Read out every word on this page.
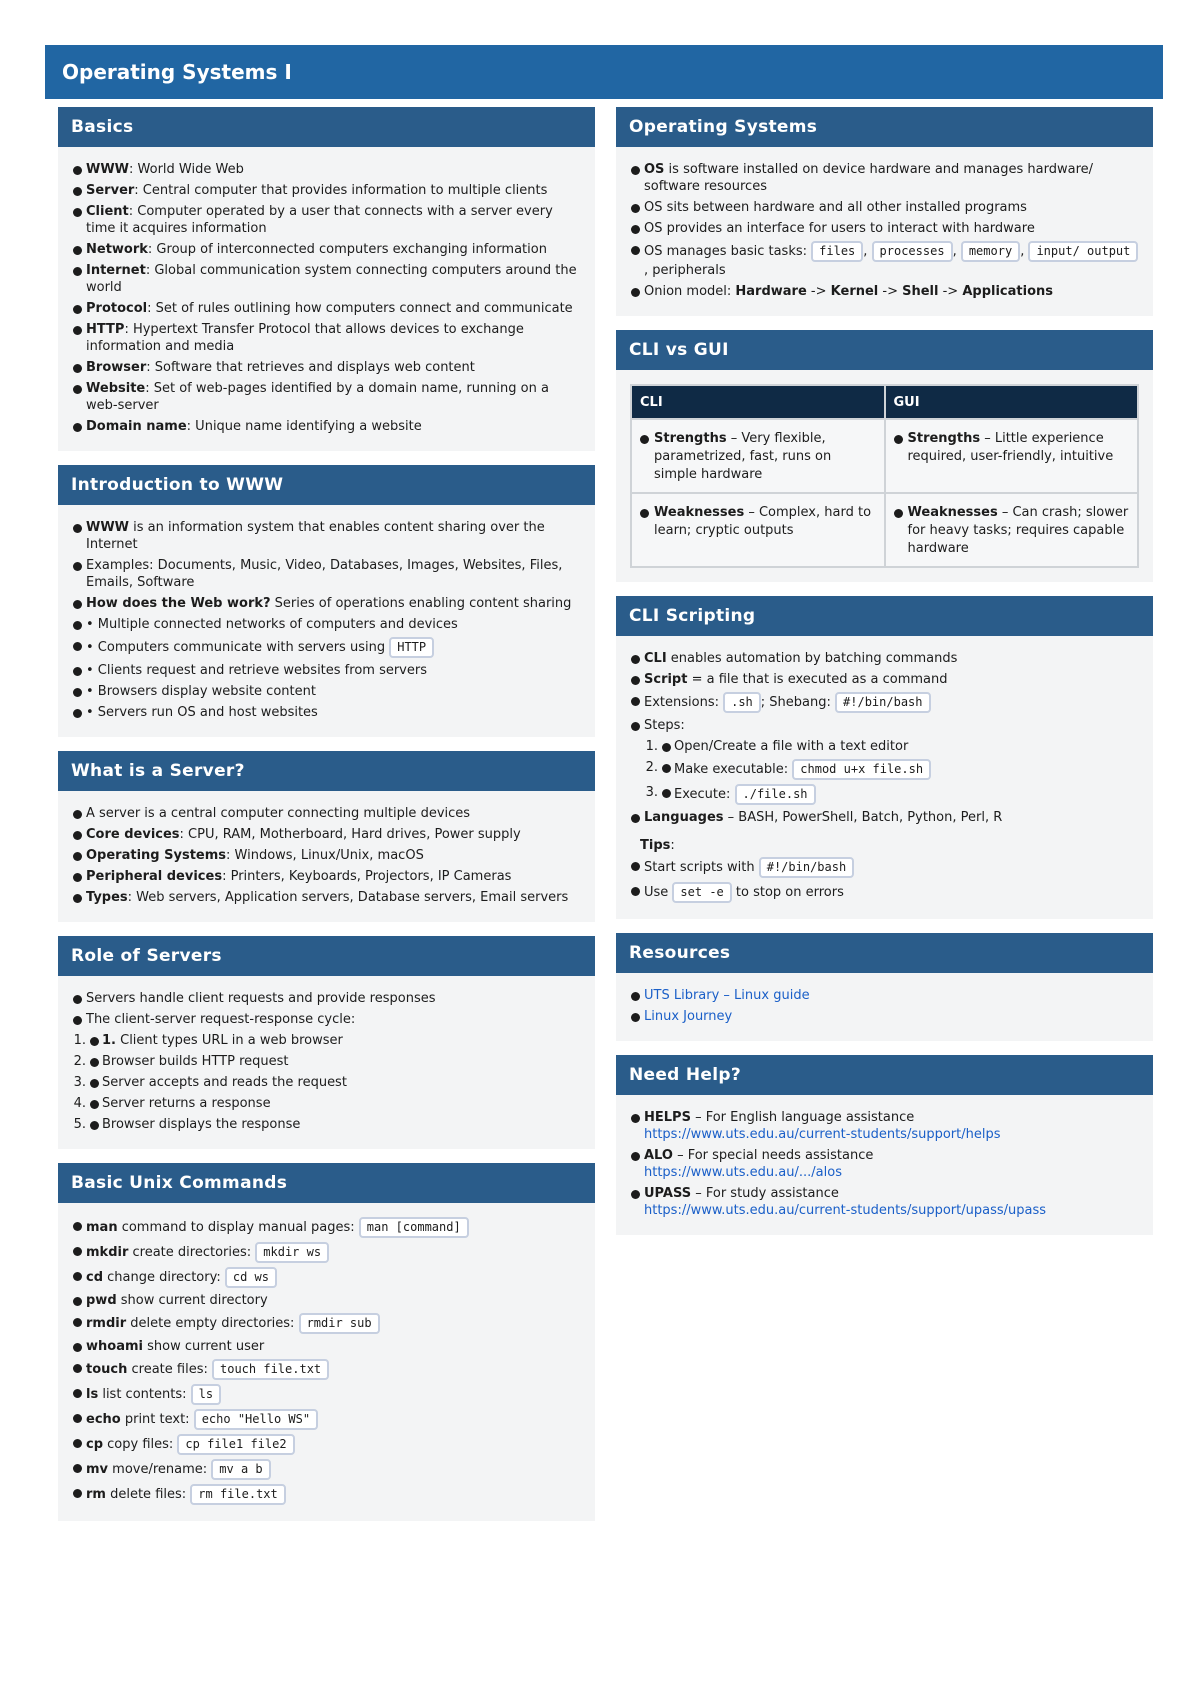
Operating Systems I
Basics
WWW: World Wide Web
Server: Central computer that provides information to multiple clients
Client: Computer operated by a user that connects with a server every time it acquires information
Network: Group of interconnected computers exchanging information
Internet: Global communication system connecting computers around the world
Protocol: Set of rules outlining how computers connect and communicate
HTTP: Hypertext Transfer Protocol that allows devices to exchange information and media
Browser: Software that retrieves and displays web content
Website: Set of web-pages identified by a domain name, running on a web-server
Domain name: Unique name identifying a website
Introduction to WWW
WWW is an information system that enables content sharing over the Internet
Examples: Documents, Music, Video, Databases, Images, Websites, Files, Emails, Software
How does the Web work? Series of operations enabling content sharing
• Multiple connected networks of computers and devices
• Computers communicate with servers using HTTP
• Clients request and retrieve websites from servers
• Browsers display website content
• Servers run OS and host websites
What is a Server?
A server is a central computer connecting multiple devices
Core devices: CPU, RAM, Motherboard, Hard drives, Power supply
Operating Systems: Windows, Linux/Unix, macOS
Peripheral devices: Printers, Keyboards, Projectors, IP Cameras
Types: Web servers, Application servers, Database servers, Email servers
Role of Servers
Servers handle client requests and provide responses
The client-server request-response cycle:
1. 1. Client types URL in a web browser
2. Browser builds HTTP request
3. Server accepts and reads the request
4. Server returns a response
5. Browser displays the response
Basic Unix Commands
man command to display manual pages: man [command]
mkdir create directories: mkdir ws
cd change directory: cd ws
pwd show current directory
rmdir delete empty directories: rmdir sub
whoami show current user
touch create files: touch file.txt
ls list contents: ls
echo print text: echo "Hello WS"
cp copy files: cp file1 file2
mv move/rename: mv a b
rm delete files: rm file.txt
Operating Systems
OS is software installed on device hardware and manages hardware/ software resources
OS sits between hardware and all other installed programs
OS provides an interface for users to interact with hardware
OS manages basic tasks: files , processes , memory , input/ output, peripherals
Onion model: Hardware -> Kernel -> Shell -> Applications
CLI vs GUI
CLI	GUI

Strengths – Very flexible, parametrized, fast, runs on simple hardware	Strengths – Little experience required, user-friendly, intuitive

Weaknesses – Complex, hard to learn; cryptic outputs	Weaknesses – Can crash; slower for heavy tasks; requires capable hardware
CLI Scripting
CLI enables automation by batching commands
Script = a file that is executed as a command
Extensions: .sh ; Shebang: #!/bin/bash
Steps:
1. Open/Create a file with a text editor
2. Make executable: chmod u+x file.sh
3. Execute: ./file.sh
Languages – BASH, PowerShell, Batch, Python, Perl, R
Tips:
Start scripts with #!/bin/bash
Use set -e to stop on errors
Resources
UTS Library – Linux guide
Linux Journey
Need Help?
HELPS – For English language assistance
https://www.uts.edu.au/current-students/support/helps
ALO – For special needs assistance
https://www.uts.edu.au/.../alos
UPASS – For study assistance
https://www.uts.edu.au/current-students/support/upass/upass
